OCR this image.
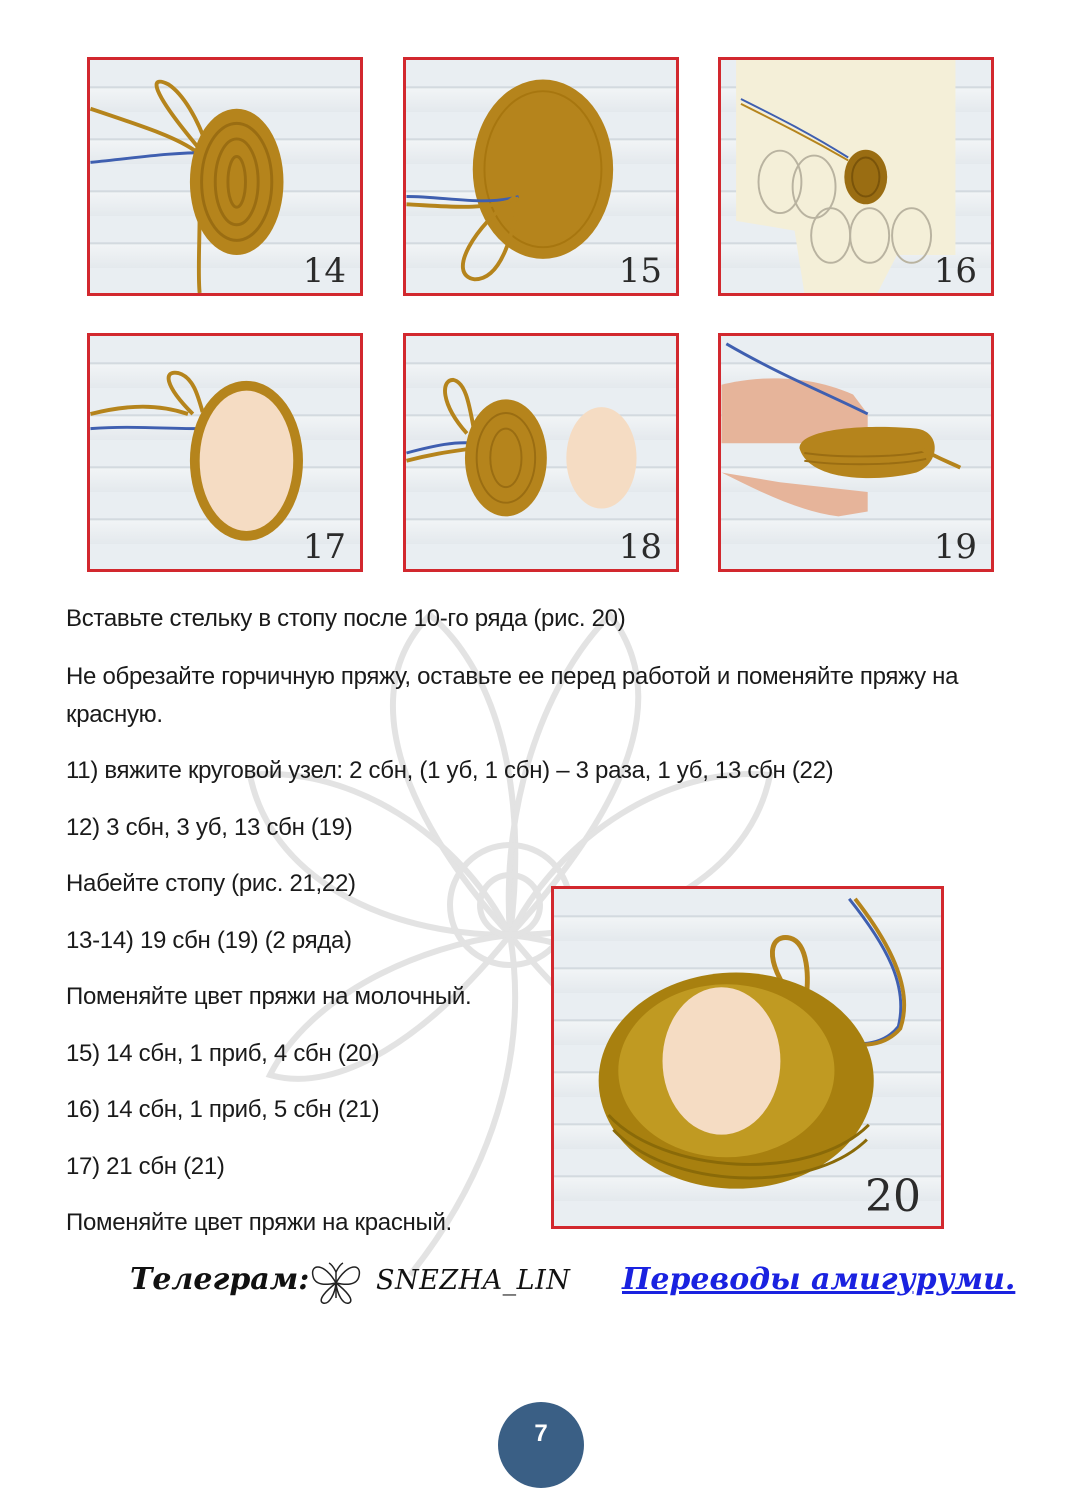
14	15	16
17	18	19
20
Вставьте стельку в стопу после 10-го ряда (рис. 20)
Не обрезайте горчичную пряжу, оставьте ее перед работой и поменяйте пряжу на красную.
11) вяжите круговой узел: 2 сбн, (1 уб, 1 сбн) – 3 раза, 1 уб, 13 сбн (22)
12) 3 сбн, 3 уб, 13 сбн (19)
Набейте стопу (рис. 21,22)
13-14) 19 сбн (19) (2 ряда)
Поменяйте цвет пряжи на молочный.
15) 14 сбн, 1 приб, 4 сбн (20)
16) 14 сбн, 1 приб, 5 сбн (21)
17) 21 сбн (21)
Поменяйте цвет пряжи на красный.
Телеграм: SNEZHA_LIN Переводы амигуруми.
7
